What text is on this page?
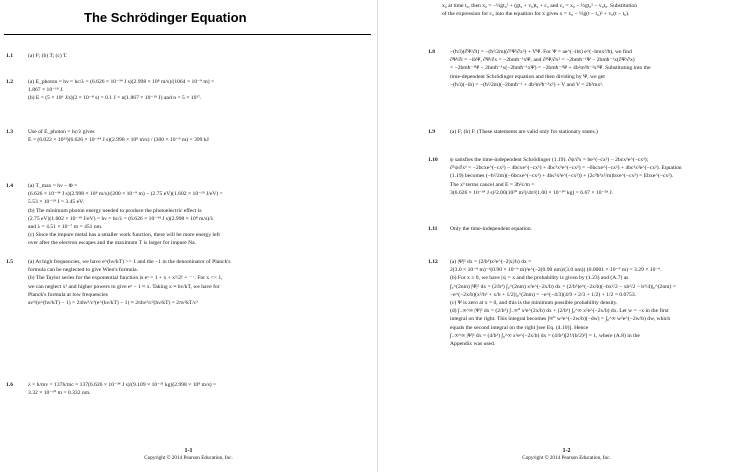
The Schrödinger Equation
1.1	(a) F; (b) T; (c) T.

1.2	(a) E_photon = hν = hc/λ = (6.626 × 10⁻³⁴ J s)(2.998 × 10⁸ m/s)/(1064 × 10⁻⁹ m) =

1.867 × 10⁻¹⁹ J.

(b) E = (5 × 10⁶ J/s)(2 × 10⁻⁸ s) = 0.1 J = n(1.867 × 10⁻¹⁹ J) and n = 5 × 10¹⁷.

1.3	Use of E_photon = hc/λ gives

E = (6.022 × 10²³)(6.626 × 10⁻³⁴ J s)(2.998 × 10⁸ m/s) / (300 × 10⁻⁹ m) = 399 kJ

1.4	(a) T_max = hν − Φ =

(6.626 × 10⁻³⁴ J s)(2.998 × 10⁸ m/s)/(200 × 10⁻⁹ m) − (2.75 eV)(1.602 × 10⁻¹⁹ J/eV) =

5.53 × 10⁻¹⁹ J = 3.45 eV.

(b) The minimum photon energy needed to produce the photoelectric effect is

(2.75 eV)(1.602 × 10⁻¹⁹ J/eV) = hν = hc/λ = (6.626 × 10⁻³⁴ J s)(2.998 × 10⁸ m/s)/λ

and λ = 4.51 × 10⁻⁷ m = 451 nm.

(c) Since the impure metal has a smaller work function, there will be more energy left

over after the electron escapes and the maximum T is larger for impure Na.

1.5	(a) At high frequencies, we have e^(hν/kT) >> 1 and the −1 in the denominator of Planck's

formula can be neglected to give Wien's formula.

(b) The Taylor series for the exponential function is eˣ = 1 + x + x²/2! + ⋯. For x << 1,

we can neglect x² and higher powers to give eˣ − 1 ≈ x. Taking x ≡ hν/kT, we have for

Planck's formula at low frequencies

aν³/(e^(hν/kT) − 1) = 2πhν³/c²(e^(hν/kT) − 1) ≈ 2πhν³/c²(hν/kT) = 2πν²kT/c²

1.6	λ = h/mv = 137h/mc = 137(6.626 × 10⁻³⁴ J s)/(9.109 × 10⁻³¹ kg)(2.998 × 10⁸ m/s) =

3.32 × 10⁻¹⁰ m = 0.332 nm.

1-1
Copyright © 2014 Pearson Education, Inc.
x₀ at time t₀, then x₀ = −½gt₀² + (gt₀ + v₀)t₀ + c₂ and c₂ = x₀ − ½gt₀² − v₀t₀. Substitution
of the expression for c₂ into the equation for x gives x = x₀ − ½g(t − t₀)² + v₀(t − t₀).
1.8	−(ħ/i)(∂Ψ/∂t) = −(ħ²/2m)(∂²Ψ/∂x²) + VΨ. For Ψ = ae^(−ibt) e^(−bmx²/ħ), we find

∂Ψ/∂t = −ibΨ, ∂Ψ/∂x = −2bmħ⁻¹xΨ, and ∂²Ψ/∂x² = −2bmħ⁻¹Ψ − 2bmħ⁻¹x(∂Ψ/∂x)

= −2bmħ⁻¹Ψ − 2bmħ⁻¹x(−2bmħ⁻¹xΨ) = −2bmħ⁻¹Ψ + 4b²m²ħ⁻²x²Ψ. Substituting into the

time-dependent Schrödinger equation and then dividing by Ψ, we get

−(ħ/i)(−ib) = −(ħ²/2m)(−2bmħ⁻¹ + 4b²m²ħ⁻²x²) + V and V = 2b²mx².

1.9	(a) F; (b) F. (These statements are valid only for stationary states.)

1.10 ψ satisfies the time-independent Schrödinger (1.19). ∂ψ/∂x = be^(−cx²) − 2bcx²e^(−cx²);

∂²ψ/∂x² = −2bcxe^(−cx²) − 4bcxe^(−cx²) + 4bc²x³e^(−cx²) = −6bcxe^(−cx²) + 4bc²x³e^(−cx²). Equation

(1.19) becomes (−ħ²/2m)(−6bcxe^(−cx²) + 4bc²x³e^(−cx²)) + (2c²ħ²x²/m)bxe^(−cx²) = Ebxe^(−cx²).

The x³ terms cancel and E = 3ħ²c/m =

3(6.626 × 10⁻³⁴ J s)²2.00(10²⁰ m²)/4π²(1.00 × 10⁻³⁰ kg) = 6.67 × 10⁻²⁸ J.

1.11 Only the time-independent equation.

1.12 (a) |Ψ|² dx = (2/b³)x²e^(−2|x|/b) dx =

2(3.0 × 10⁻⁹ m)⁻³(0.90 × 10⁻⁹ m)²e^(−2(0.90 nm)/(3.0 nm)) (0.0001 × 10⁻⁹ m) = 3.29 × 10⁻⁶.

(b) For x ≥ 0, we have |x| = x and the probability is given by (1.23) and (A.7) as

∫₀^(2nm) |Ψ|² dx = (2/b³) ∫₀^(2nm) x²e^(−2x/b) dx = (2/b³)e^(−2x/b)(−bx²/2 − xb²/2 − b³/4)|₀^(2nm) =

−e^(−2x/b)(x²/b² + x/b + 1/2)|₀^(2nm) = −e^(−4/3)(4/9 + 2/3 + 1/2) + 1/2 = 0.0753.

(c) Ψ is zero at x = 0, and this is the minimum possible probability density.

(d) ∫₋∞^∞ |Ψ|² dx = (2/b³) ∫₋∞⁰ x²e^(2x/b) dx + (2/b³) ∫₀^∞ x²e^(−2x/b) dx. Let w = −x in the first

integral on the right. This integral becomes ∫∞⁰ w²e^(−2w/b)(−dw) = ∫₀^∞ w²e^(−2w/b) dw, which

equals the second integral on the right [see Eq. (4.10)]. Hence

∫₋∞^∞ |Ψ|² dx = (4/b³) ∫₀^∞ x²e^(−2x/b) dx = (4/b³)[2!/(b/2)³] = 1, where (A.8) in the

Appendix was used.

1-2
Copyright © 2014 Pearson Education, Inc.
